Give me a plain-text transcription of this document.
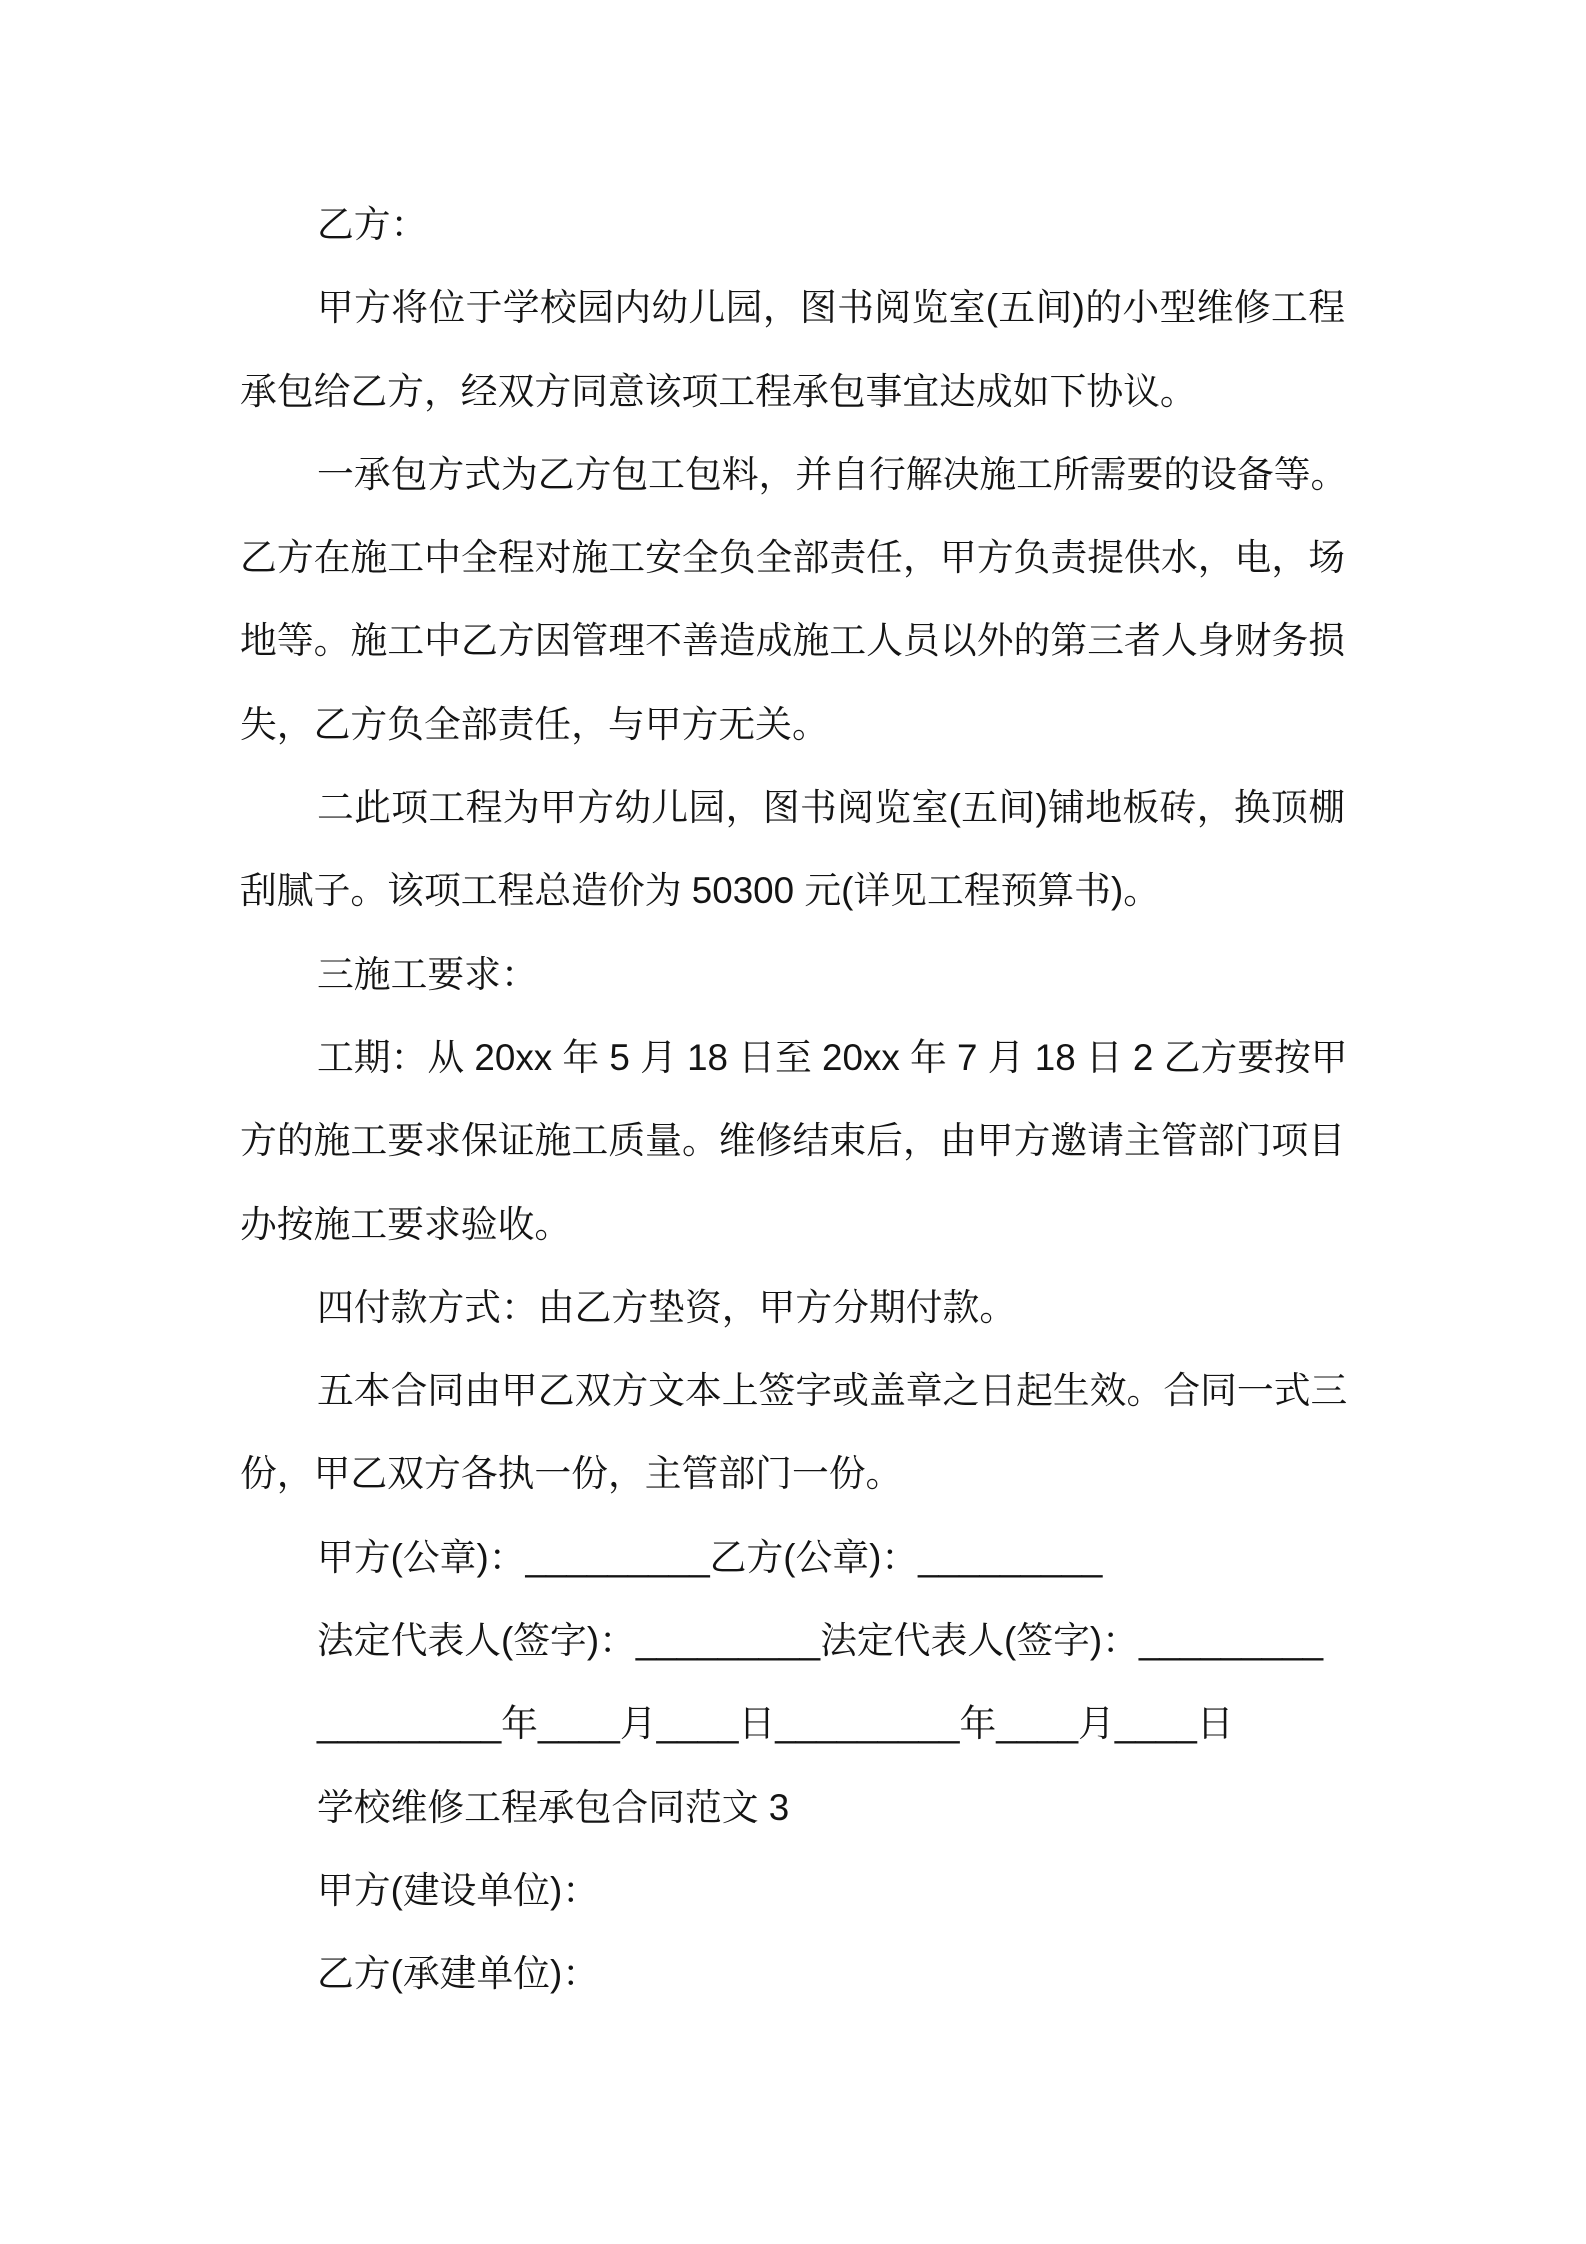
乙方：
甲方将位于学校园内幼儿园，图书阅览室(五间)的小型维修工程
承包给乙方，经双方同意该项工程承包事宜达成如下协议。
一承包方式为乙方包工包料，并自行解决施工所需要的设备等。
乙方在施工中全程对施工安全负全部责任，甲方负责提供水，电，场
地等。施工中乙方因管理不善造成施工人员以外的第三者人身财务损
失，乙方负全部责任，与甲方无关。
二此项工程为甲方幼儿园，图书阅览室(五间)铺地板砖，换顶棚
刮腻子。该项工程总造价为 50300 元(详见工程预算书)。
三施工要求：
工期：从 20xx 年 5 月 18 日至 20xx 年 7 月 18 日 2 乙方要按甲
方的施工要求保证施工质量。维修结束后，由甲方邀请主管部门项目
办按施工要求验收。
四付款方式：由乙方垫资，甲方分期付款。
五本合同由甲乙双方文本上签字或盖章之日起生效。合同一式三
份，甲乙双方各执一份，主管部门一份。
甲方(公章)：_________乙方(公章)：_________
法定代表人(签字)：_________法定代表人(签字)：_________
_________年____月____日_________年____月____日
学校维修工程承包合同范文 3
甲方(建设单位)：
乙方(承建单位)：
